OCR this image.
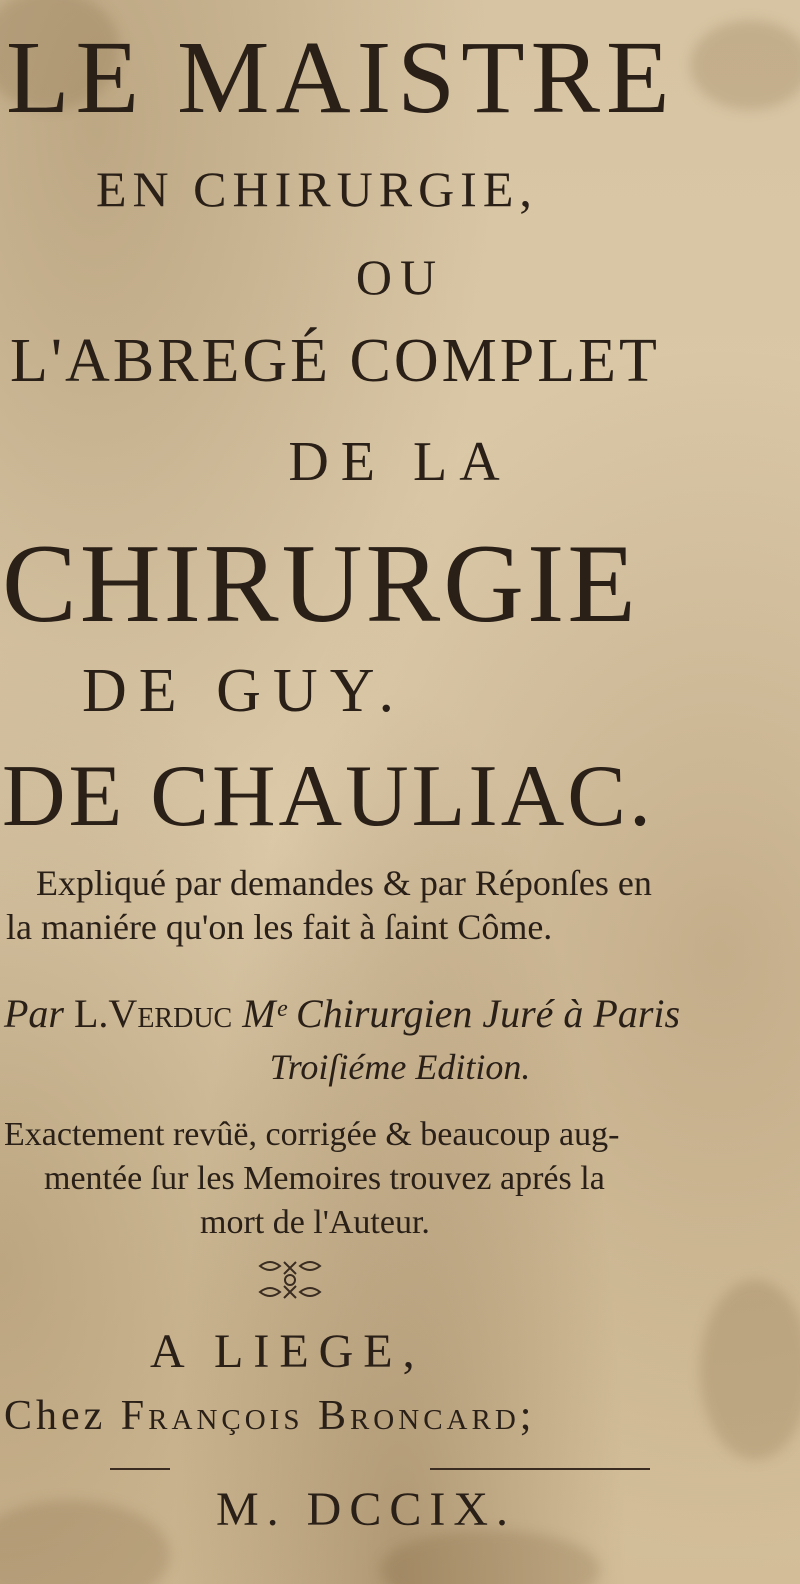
LE MAISTRE
EN CHIRURGIE,
OU
L'ABREGÉ COMPLET
DE LA
CHIRURGIE
DE GUY.
DE CHAULIAC.
Expliqué par demandes & par Réponſes en
la maniére qu'on les fait à ſaint Côme.
Par L.Verduc Mᵉ Chirurgien Juré à Paris
Troiſiéme Edition.
Exactement revûë, corrigée & beaucoup aug-
mentée ſur les Memoires trouvez aprés la
mort de l'Auteur.
A LIEGE,
Chez François Broncard;
M. DCCIX.
